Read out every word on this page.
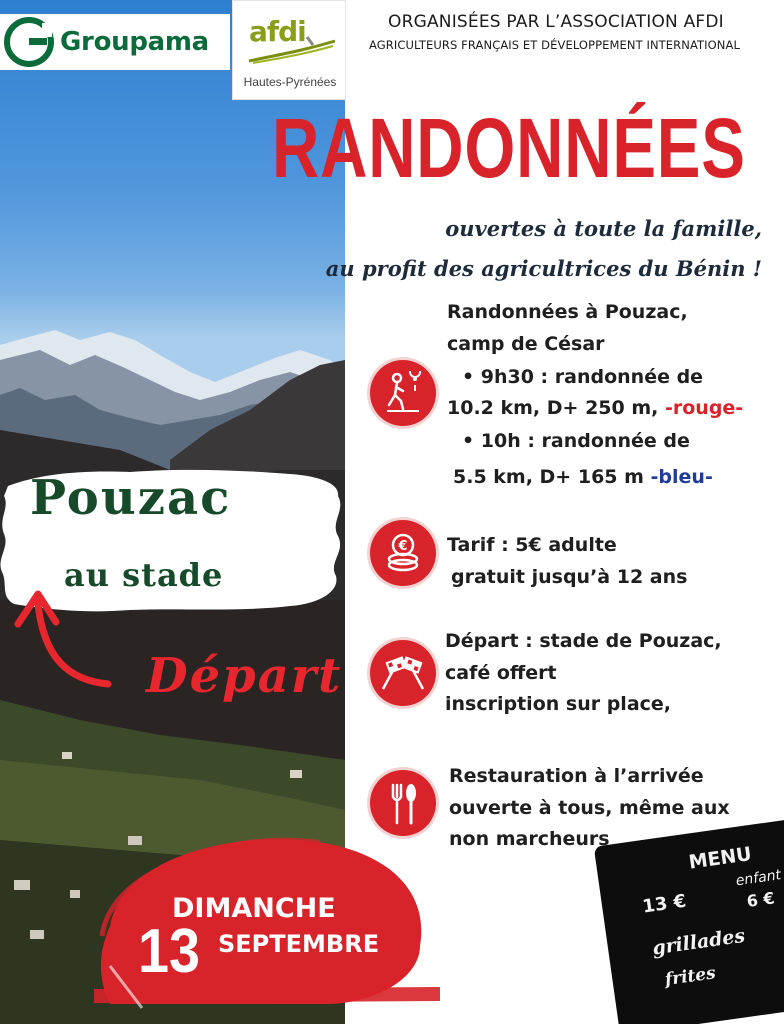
Groupama afdi
Hautes-Pyrénées
ORGANISÉES PAR L’ASSOCIATION AFDI
AGRICULTEURS FRANÇAIS ET DÉVELOPPEMENT INTERNATIONAL
RANDONNÉES
ouvertes à toute la famille,
au profit des agricultrices du Bénin !
Randonnées à Pouzac,
camp de César
• 9h30 : randonnée de
10.2 km, D+ 250 m, -rouge-
• 10h : randonnée de
5.5 km, D+ 165 m -bleu-
€ Tarif : 5€ adulte
gratuit jusqu’à 12 ans
Départ : stade de Pouzac,
café offert
inscription sur place,
Restauration à l’arrivée
ouverte à tous, même aux
non marcheurs
Pouzac
au stade
Départ
DIMANCHE
13 SEPTEMBRE
MENU
13 €
enfant
6 €
grillades
frites
